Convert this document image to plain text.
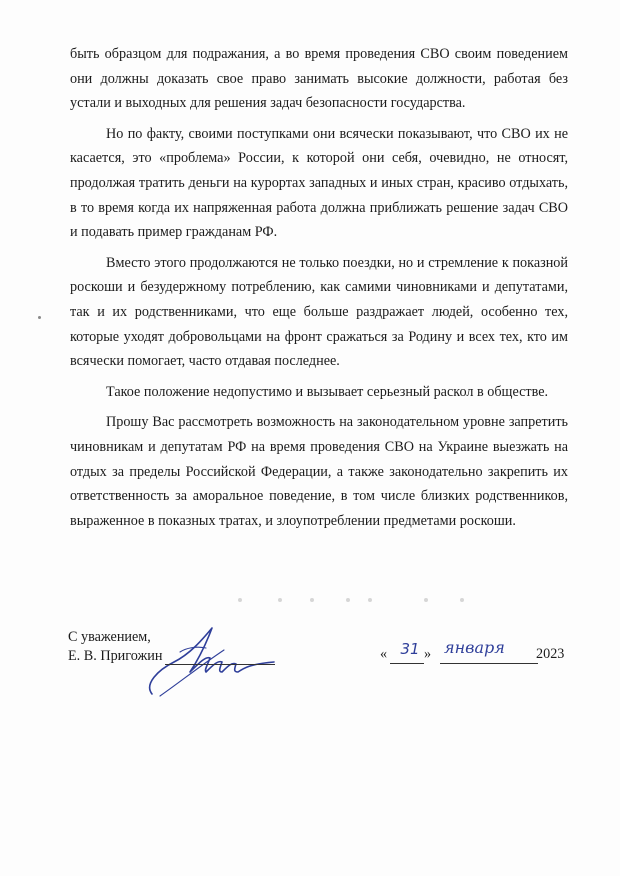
быть образцом для подражания, а во время проведения СВО своим поведением они должны доказать свое право занимать высокие должности, работая без устали и выходных для решения задач безопасности государства.

Но по факту, своими поступками они всячески показывают, что СВО их не касается, это «проблема» России, к которой они себя, очевидно, не относят, продолжая тратить деньги на курортах западных и иных стран, красиво отдыхать, в то время когда их напряженная работа должна приближать решение задач СВО и подавать пример гражданам РФ.

Вместо этого продолжаются не только поездки, но и стремление к показной роскоши и безудержному потреблению, как самими чиновниками и депутатами, так и их родственниками, что еще больше раздражает людей, особенно тех, которые уходят добровольцами на фронт сражаться за Родину и всех тех, кто им всячески помогает, часто отдавая последнее.

Такое положение недопустимо и вызывает серьезный раскол в обществе.

Прошу Вас рассмотреть возможность на законодательном уровне запретить чиновникам и депутатам РФ на время проведения СВО на Украине выезжать на отдых за пределы Российской Федерации, а также законодательно закрепить их ответственность за аморальное поведение, в том числе близких родственников, выраженное в показных тратах, и злоупотреблении предметами роскоши.

С уважением,
Е. В. Пригожин	« 31 » января	2023
